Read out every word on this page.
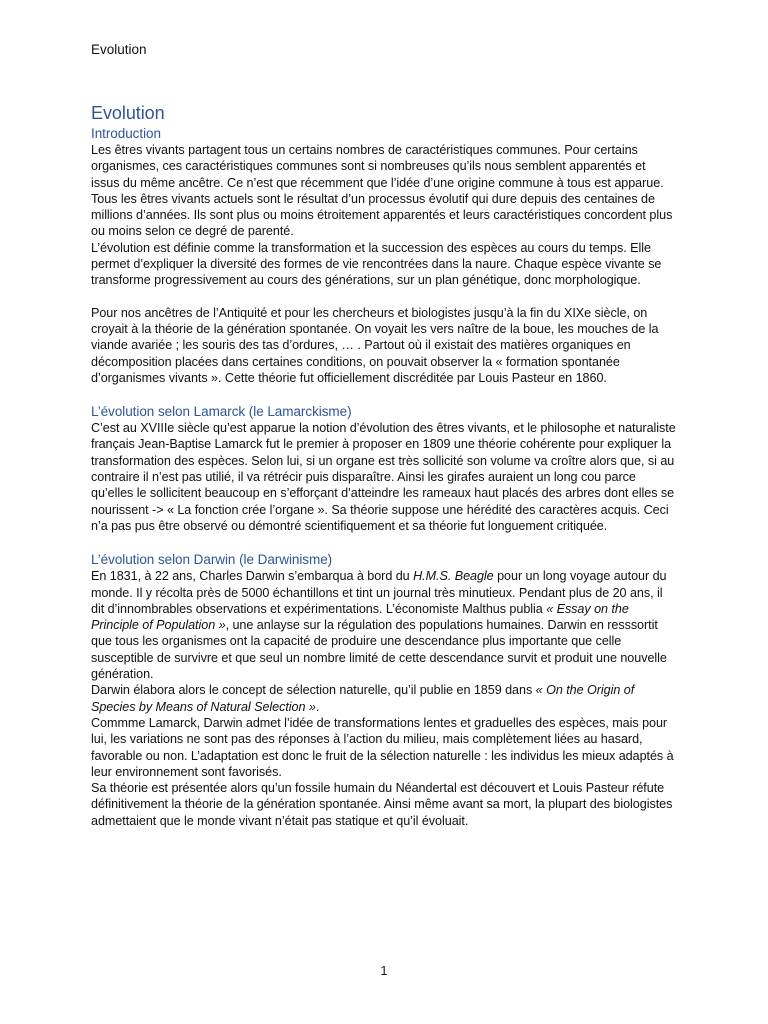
Evolution
Evolution
Introduction

Les êtres vivants partagent tous un certains nombres de caractéristiques communes. Pour certains organismes, ces caractéristiques communes sont si nombreuses qu’ils nous semblent apparentés et issus du même ancêtre. Ce n’est que récemment que l’idée d’une origine commune à tous est apparue. Tous les êtres vivants actuels sont le résultat d’un processus évolutif qui dure depuis des centaines de millions d’années. Ils sont plus ou moins étroitement apparentés et leurs caractéristiques concordent plus ou moins selon ce degré de parenté.

L’évolution est définie comme la transformation et la succession des espèces au cours du temps. Elle permet d’expliquer la diversité des formes de vie rencontrées dans la naure. Chaque espèce vivante se transforme progressivement au cours des générations, sur un plan génétique, donc morphologique.

Pour nos ancêtres de l’Antiquité et pour les chercheurs et biologistes jusqu’à la fin du XIXe siècle, on croyait à la théorie de la génération spontanée. On voyait les vers naître de la boue, les mouches de la viande avariée ; les souris des tas d’ordures, … . Partout où il existait des matières organiques en décomposition placées dans certaines conditions, on pouvait observer la « formation spontanée d’organismes vivants ». Cette théorie fut officiellement discréditée par Louis Pasteur en 1860.

L’évolution selon Lamarck (le Lamarckisme)

C’est au XVIIIe siècle qu’est apparue la notion d’évolution des êtres vivants, et le philosophe et naturaliste français Jean-Baptise Lamarck fut le premier à proposer en 1809 une théorie cohérente pour expliquer la transformation des espèces. Selon lui, si un organe est très sollicité son volume va croître alors que, si au contraire il n’est pas utilié, il va rétrécir puis disparaître. Ainsi les girafes auraient un long cou parce qu’elles le sollicitent beaucoup en s’efforçant d’atteindre les rameaux haut placés des arbres dont elles se nourissent -> « La fonction crée l’organe ». Sa théorie suppose une hérédité des caractères acquis. Ceci n’a pas pus être observé ou démontré scientifiquement et sa théorie fut longuement critiquée.

L’évolution selon Darwin (le Darwinisme)

En 1831, à 22 ans, Charles Darwin s’embarqua à bord du H.M.S. Beagle pour un long voyage autour du monde. Il y récolta près de 5000 échantillons et tint un journal très minutieux. Pendant plus de 20 ans, il dit d’innombrables observations et expérimentations. L’économiste Malthus publia « Essay on the Principle of Population », une anlayse sur la régulation des populations humaines. Darwin en resssortit que tous les organismes ont la capacité de produire une descendance plus importante que celle susceptible de survivre et que seul un nombre limité de cette descendance survit et produit une nouvelle génération.

Darwin élabora alors le concept de sélection naturelle, qu’il publie en 1859 dans « On the Origin of Species by Means of Natural Selection ».

Commme Lamarck, Darwin admet l’idée de transformations lentes et graduelles des espèces, mais pour lui, les variations ne sont pas des réponses à l’action du milieu, mais complètement liées au hasard, favorable ou non. L’adaptation est donc le fruit de la sélection naturelle : les individus les mieux adaptés à leur environnement sont favorisés.

Sa théorie est présentée alors qu’un fossile humain du Néandertal est découvert et Louis Pasteur réfute définitivement la théorie de la génération spontanée. Ainsi même avant sa mort, la plupart des biologistes admettaient que le monde vivant n’était pas statique et qu’il évoluait.

1
